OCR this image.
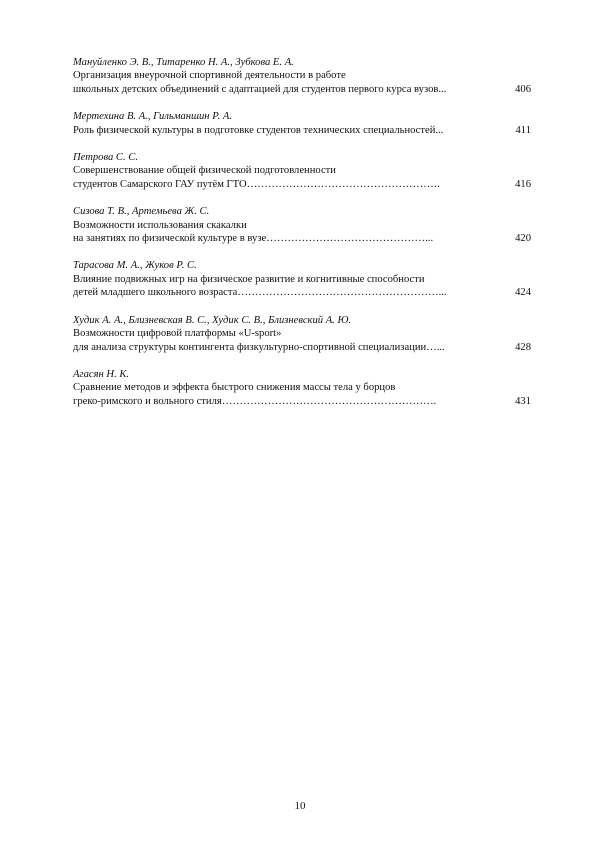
Мануйленко Э. В., Титаренко Н. А., Зубкова Е. А.
Организация внеурочной спортивной деятельности в работе
школьных детских объединений с адаптацией для студентов первого курса вузов...	406
Мертехина В. А., Гильманшин Р. А.
Роль физической культуры в подготовке студентов технических специальностей...	411
Петрова С. С.
Совершенствование общей физической подготовленности
студентов Самарского ГАУ путём ГТО……………………………………………….	416
Сизова Т. В., Артемьева Ж. С.
Возможности использования скакалки
на занятиях по физической культуре в вузе………………………………………...	420
Тарасова М. А., Жуков Р. С.
Влияние подвижных игр на физическое развитие и когнитивные способности
детей младшего школьного возраста…………………………………………………...	424
Худик А. А., Близневская В. С., Худик С. В., Близневский А. Ю.
Возможности цифровой платформы «U-sport»
для анализа структуры контингента физкультурно-спортивной специализации…...	428
Агасян Н. К.
Сравнение методов и эффекта быстрого снижения массы тела у борцов
греко-римского и вольного стиля…………………………………………………….	431
10
